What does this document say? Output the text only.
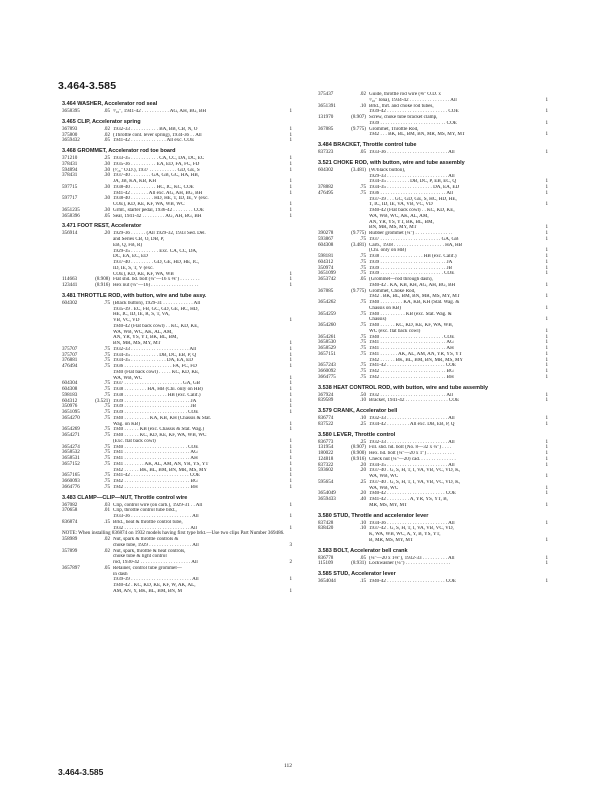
3.464-3.585
3.464 WASHER, Accelerator rod seal
3658395	.05 ⁵⁄₁₆", 1941-42 . . . . . . . . . . . AG, AH, BG, BH	1
3.465 CLIP, Accelerator spring
367893	.02 1932-33 . . . . . . . . . . . BA, BB, CB, N, O	1
375800	.02 (Throttle cont. lever spring), 1934-36 . . All	1
3659432	.05 1941-42 . . . . . . . . . . . . . . All exc. COE	1
3.468 GROMMET, Accelerator rod toe board
371210	.25 1933-35 . . . . . . . . . . . CA, CC, DA, DC, EC	1
378431	.30 1935-36 . . . . . . . . . . EA, ED, FA, FC, FD	1
594894	.30 (³⁄₁₆" O.D.), 1937 . . . . . . . . . . . GD, GE, S	1
378431	.30 1937-40 . . . . . . . . GA, GB, GC, HA, HB,
JA, JB, KA, KB, KH	1
597715	.30 1938-40 . . . . . . . . . . HC, IC, KC, COE	1
1941-42 . . . . . . . All exc. AG, AH, BG, BH	1
597717	.30 1938-40 . . . . . . . . . HD, HE, T, ID, IE, V (exc.
COE), KD, KE, KF, WA, WB, WC	1
3651235	.30 Grmt., starter pedal, 1936-42 . . . . . . . . COE	1
3658396	.05 Seal, 1941-42 . . . . . . . . . AG, AH, BG, BH	1
3.471 FOOT REST, Accelerator
356914	.20 1929-36 . . . . . . (All 1929-32, 1933 Sed. Del.
and Series CB, O, DB, P,
EB, Q, FB, R)
1929-35 . . . . . . . . . . . Exc. CA, CC, DA,
DC, EA, EC, ED
1937-40 . . . . . . . . . GD, GE, HD, HE, IC,
ID, IE, S, T, V (exc.
COE), KD, KE, KF, WA, WB	1
114663	(8.908) Flat shd. bd. bolt (¼"—16 x ⅝") . . . . . . . .	1
123441	(8.916) Hex nut (¼"—16) . . . . . . . . . . . . . . . . . . .	1
3.481 THROTTLE ROD, with button, wire and tube assy.
604302	.75 (Black button), 1929-31 . . . . . . . . . . . . All
1935-39 . EC, FB, GC, GD, GE, HC, HD,
HE, IC, ID, IE, R, S, T, VA,
VB, VC, VD	1
1940-42 (Flat back cowl) . . KC, KD, KE,
WA, WB, WC, AK, AL, AM,
AN, YR, YS, YT, BK, BL, BM,
BN, MR, MS, MY, MT	1
375707	.75 1932-33 . . . . . . . . . . . . . . . . . . . . . . . All	1
375707	.75 1934-35 . . . . . . . . . . . DB, DC, EB, P, Q	1
376881	.75 1934-35 . . . . . . . . . . . . . . DA, EA, ED	1
476494	.75 1936 . . . . . . . . . . . . . . . . . . . FA, FC, FD	1
1940 (Flat back cowl) . . . . . KC, KD, KE,
WA, WB, WC	1
604304	.75 1937 . . . . . . . . . . . . . . . . . . . . . . . GA, GB	1
604308	.75 1938 . . . . . . . . . HA, HB (Chi. only on HB)	1
598183	.75 1938 . . . . . . . . . . . . . . . . . HB (exc. Calif.)	1
604312	(3.521) 1939 . . . . . . . . . . . . . . . . . . . . . . . . . . JA	1
350976	.75 1939 . . . . . . . . . . . . . . . . . . . . . . . . . . JB	1
3651095	.75 1939 . . . . . . . . . . . . . . . . . . . . . . . . . COE	1
3654270	.75 1940 . . . . . . . . . . KA, KB, KH (Chassis & Stat.
Wag. on KB)	1
3654269	.75 1940 . . . . . . KB (exc. Chassis & Stat. Wag.)	1
3654271	.75 1940 . . . . . . KC, KD, KE, KF, WA, WB, WC
(Exc. flat back cowl)	1
3654274	.75 1940 . . . . . . . . . . . . . . . . . . . . . . . . . COE	1
3658532	.75 1941 . . . . . . . . . . . . . . . . . . . . . . . . . . AG	1
3658531	.75 1941 . . . . . . . . . . . . . . . . . . . . . . . . . . AH	1
3657152	.75 1941 . . . . . . . . AK, AL, AM, AN, YR, YS, YT	1
1942 . . . . . . BK, BL, BM, BN, MR, MS, MY	1
3657165	.75 1941-42 . . . . . . . . . . . . . . . . . . . . . . . COE	1
3660093	.75 1942 . . . . . . . . . . . . . . . . . . . . . . . . . . BG	1
3664776	.75 1942 . . . . . . . . . . . . . . . . . . . . . . . . . . BH	1
3.483 CLAMP—CLIP—NUT, Throttle control wire
367082	.03 Clip, control wire (on carb.), 1929-31 . . All	1
370658	.01 Clip, throttle control tube brkt.,
1933-36 . . . . . . . . . . . . . . . . . . . . . . . . All	1
836874	.15 Brkt., heat & throttle control tube,
1932 . . . . . . . . . . . . . . . . . . . . . . . . . . All	1
NOTE: When installing 836874 on 1932 models having first type brkt.—Use two clips Part Number 369486.
358989	.02 Nut, spark & throttle controls &
choke tube, 1929 . . . . . . . . . . . . . . . . . All	3
357899	.02 Nut, spark, throttle & heat controls,
choke tube & light control
rod, 1930-42 . . . . . . . . . . . . . . . . . . . . All	2
3657897	.05 Retainer, control tube grommet—
in dash
1939-39 . . . . . . . . . . . . . . . . . . . . . . . . All	1
1940-42 . KC, KD, KE, KF, W, AK, AL,
AM, AN, Y, BK, BL, BM, BN, M	1
375437	.02 Guide, throttle rod wire (⅝" O.D. x
⁵⁄₁₆" lona), 1934-42 . . . . . . . . . . . . . . . . All	1
3651391	.10 Brkt., thrt. and choke rod tubes,
1939-42 . . . . . . . . . . . . . . . . . . . . . . . . COE	1
131970	(8.907) Screw, choke tube bracket clamp,
1939 . . . . . . . . . . . . . . . . . . . . . . . . . . COE	1
367885	(9.775) Grommet, Throttle Rod,
1942 . . . BK, BL, BM, BN, MR, MS, MY, MT	1
3.484 BRACKET, Throttle control tube
837323	.05 1933-36 . . . . . . . . . . . . . . . . . . . . . . . . All	1
3.521 CHOKE ROD, with button, wire and tube assembly
604302	(3.481) (W/black button),
1929-33 . . . . . . . . . . . . . . . . . . . . . . . . All
1934-35 . . . . . . . . . DB, DC, P, EB, EC, Q	1
378882	.75 1934-35 . . . . . . . . . . . . . . . . . . DA, EA, ED	1
476495	.75 1936 . . . . . . . . . . . . . . . . . . . . . . . . . . All	1
1937-39 . . . GC, GD, GE, S, HC, HD, HE,
T, IC, ID, IE, VA, VB, VC, VD	1
1940-42 (Flat back cowl) . . KC, KD, KE,
WA, WB, WC, AK, AL, AM,
AN, YR, YS, YT, BK, BL, BM,
BN, MR, MS, MY, MT	1
390278	(9.775) Rubber grommet (¼") . . . . . . . . . . . . . . .	1
593867	.75 1937 . . . . . . . . . . . . . . . . . . . . . . . . GA, GB	1
604308	(3.481) Carb., 1938 . . . . . . . . . . . . . . . . . . . . HA, HB
(Chi. only on HB)	1
598181	.75 1938 . . . . . . . . . . . . . . . . . HB (exc. Calif.)	1
604312	.75 1939 . . . . . . . . . . . . . . . . . . . . . . . . . . JA	1
350974	.75 1939 . . . . . . . . . . . . . . . . . . . . . . . . . . JB	1
3651099	.75 1939 . . . . . . . . . . . . . . . . . . . . . . . . . COE	1
3653742	.05 (Grommet—rod through dash),
1940-42 . KA, KB, KH, AG, AH, BG, BH	1
367885	(9.775) Grommet, Choke Rod,
1942 . BK, BL, BM, BN, MR, MS, MY, MT	1
3654262	.75 1940 . . . . . . . . . KA, KB, KH (Stat. Wag. &
Chassis on KB)	1
3654259	.75 1940 . . . . . . . . . . KB (exc. Stat. Wag. &
Chassis)	1
3654260	.75 1940 . . . . . . KC, KD, KE, KF, WA, WB,
WC (exc. flat back cowl)	1
3654261	.75 1940 . . . . . . . . . . . . . . . . . . . . . . . . . COE	1
3658530	.75 1941 . . . . . . . . . . . . . . . . . . . . . . . . . . AG	1
3658529	.75 1941 . . . . . . . . . . . . . . . . . . . . . . . . . . AH	1
3657151	.75 1941 . . . . . . . AK, AL, AM, AN, YR, YS, YT	1
1942 . . . . . . BK, BL, BM, BN, MR, MS, MY	1
3657243	.75 1941-42 . . . . . . . . . . . . . . . . . . . . . . . COE	1
3660092	.75 1942 . . . . . . . . . . . . . . . . . . . . . . . . . . BG	1
3664775	.75 1942 . . . . . . . . . . . . . . . . . . . . . . . . . . BH	1
3.538 HEAT CONTROL ROD, with button, wire and tube assembly
367924	.50 1932 . . . . . . . . . . . . . . . . . . . . . . . . . . All	1
839589	.10 Bracket, 1941-42 . . . . . . . . . . . . . . . . . COE	1
3.579 CRANK, Accelerator bell
836774	.10 1932-33 . . . . . . . . . . . . . . . . . . . . . . . . All	1
837522	.25 1934-42 . . . . . . . . . All exc. DB, EB, P, Q	1
3.580 LEVER, Throttle control
836773	.25 1932-33 . . . . . . . . . . . . . . . . . . . . . . . . All	1
131954	(8.907) Fill. shd. hd. bolt (No. 8—32 x ¼") . . . .	1
180022	(8.900) Hex. hd. bolt (¼"—20 x 1") . . . . . . . . . . .	1
124818	(8.916) Check nut (¼"—20) cad. . . . . . . . . . . . . . .	1
837322	.20 1934-35 . . . . . . . . . . . . . . . . . . . . . . . . All	1
593602	.20 1937-40 . G, S, H, T, I, VA, VB, VC, VD, K,
WA, WB, WC	1
595654	.25 1937-40 . G, S, H, T, I, VA, VB, VC, VD, K,
WA, WB, WC	1
3654049	.20 1940-42 . . . . . . . . . . . . . . . . . . . . . . . COE	1
3659433	.40 1941-42 . . . . . . . . . A, YR, YS, YT, B,
MR, MS, MY, MT	1
3.580 STUD, Throttle and accelerator lever
837428	.10 1934-36 . . . . . . . . . . . . . . . . . . . . . . . . All	1
838420	.10 1937-42 . G, S, H, T, I, VA, VB, VC, VD,
K, WA, WB, WC, A, Y, B, YS, YT,
B, MR, MS, MY, MT	1
3.583 BOLT, Accelerator bell crank
836778	.05 (¼"—20 x 1⅛"), 1932-33 . . . . . . . . . . All	1
115109	(8.931) Lockwasher (¼") . . . . . . . . . . . . . . . . . .	1
3.585 STUD, Accelerator lever
3654044	.15 1940-42 . . . . . . . . . . . . . . . . . . . . . . . COE	1
112
3.464-3.585
